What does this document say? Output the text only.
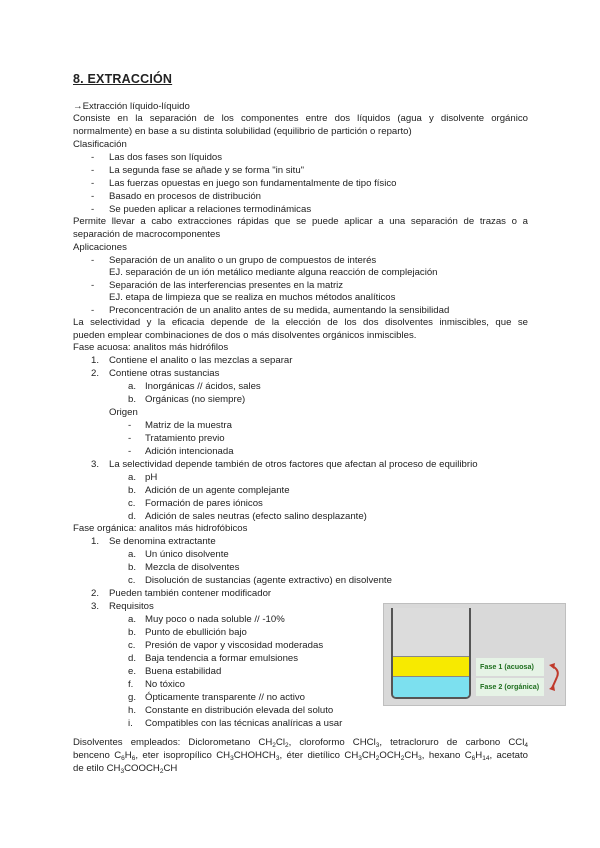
8. EXTRACCIÓN
→Extracción líquido-líquido
Consiste en la separación de los componentes entre dos líquidos (agua y disolvente orgánico
normalmente) en base a su distinta solubilidad (equilibrio de partición o reparto)
Clasificación
- Las dos fases son líquidos
- La segunda fase se añade y se forma "in situ"
- Las fuerzas opuestas en juego son fundamentalmente de tipo físico
- Basado en procesos de distribución
- Se pueden aplicar a relaciones termodinámicas
Permite llevar a cabo extracciones rápidas que se puede aplicar a una separación de trazas o a
separación de macrocomponentes
Aplicaciones
- Separación de un analito o un grupo de compuestos de interés
EJ. separación de un ión metálico mediante alguna reacción de complejación
- Separación de las interferencias presentes en la matriz
EJ. etapa de limpieza que se realiza en muchos métodos analíticos
- Preconcentración de un analito antes de su medida, aumentando la sensibilidad
La selectividad y la eficacia depende de la elección de los dos disolventes inmiscibles, que se
pueden emplear combinaciones de dos o más disolventes orgánicos inmiscibles.
Fase acuosa: analitos más hidrófilos
1. Contiene el analito o las mezclas a separar
2. Contiene otras sustancias
a. Inorgánicas // ácidos, sales
b. Orgánicas (no siempre)
Origen
- Matriz de la muestra
- Tratamiento previo
- Adición intencionada
3. La selectividad depende también de otros factores que afectan al proceso de equilibrio
a. pH
b. Adición de un agente complejante
c. Formación de pares iónicos
d. Adición de sales neutras (efecto salino desplazante)
Fase orgánica: analitos más hidrofóbicos
1. Se denomina extractante
a. Un único disolvente
b. Mezcla de disolventes
c. Disolución de sustancias (agente extractivo) en disolvente
2. Pueden también contener modificador
3. Requisitos
a. Muy poco o nada soluble // -10%
b. Punto de ebullición bajo
c. Presión de vapor y viscosidad moderadas
d. Baja tendencia a formar emulsiones
e. Buena estabilidad
f. No tóxico
g. Ópticamente transparente // no activo
h. Constante en distribución elevada del soluto
i. Compatibles con las técnicas analíricas a usar
Fase 1 (acuosa)
Fase 2 (orgánica)
Disolventes empleados: Diclorometano $CH_2Cl_2$, cloroformo CHCl$_3$, tetracloruro de carbono CCl$_4$
benceno $C_6H_6$, eter isopropílico $CH_3CHOHCH_3$, éter dietílico $CH_3CH_2OCH_2CH_3$, hexano $C_6H_{14}$, acetato
de etilo $CH_3COOCH_2CH$
